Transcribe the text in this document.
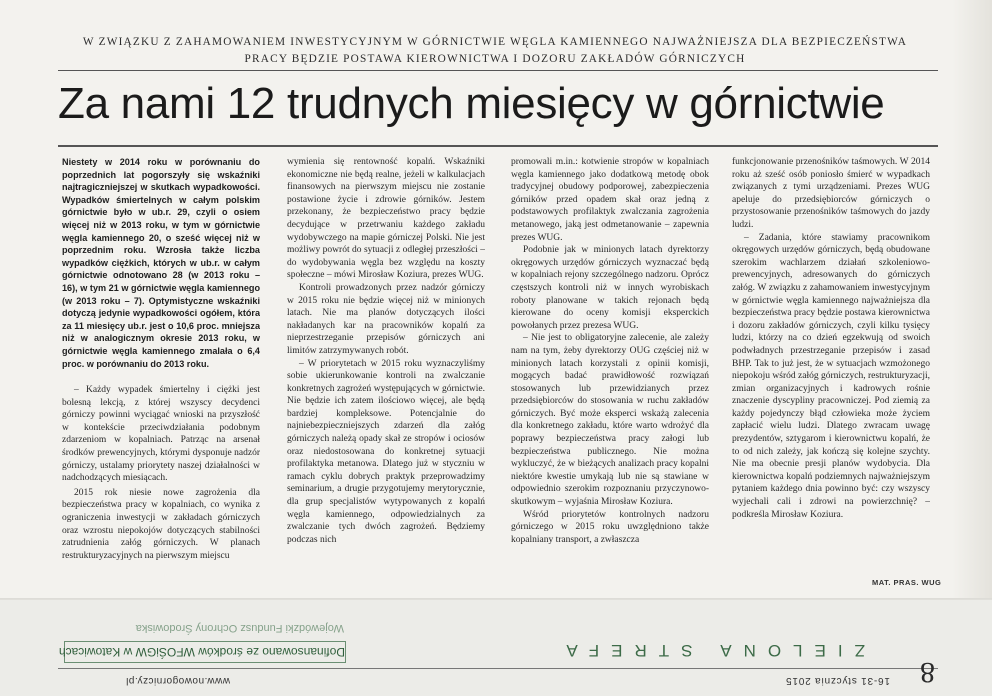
W ZWIĄZKU Z ZAHAMOWANIEM INWESTYCYJNYM W GÓRNICTWIE WĘGLA KAMIENNEGO NAJWAŻNIEJSZA DLA BEZPIECZEŃSTWA PRACY BĘDZIE POSTAWA KIEROWNICTWA I DOZORU ZAKŁADÓW GÓRNICZYCH
Za nami 12 trudnych miesięcy w górnictwie

Niestety w 2014 roku w porównaniu do poprzednich lat pogorszyły się wskaźniki najtragiczniejszej w skutkach wypadkowości. Wypadków śmiertelnych w całym polskim górnictwie było w ub.r. 29, czyli o osiem więcej niż w 2013 roku, w tym w górnictwie węgla kamiennego 20, o sześć więcej niż w poprzednim roku. Wzrosła także liczba wypadków ciężkich, których w ub.r. w całym górnictwie odnotowano 28 (w 2013 roku – 16), w tym 21 w górnictwie węgla kamiennego (w 2013 roku – 7). Optymistyczne wskaźniki dotyczą jedynie wypadkowości ogółem, która za 11 miesięcy ub.r. jest o 10,6 proc. mniejsza niż w analogicznym okresie 2013 roku, w górnictwie węgla kamiennego zmalała o 6,4 proc. w porównaniu do 2013 roku.

– Każdy wypadek śmiertelny i ciężki jest bolesną lekcją, z której wszyscy decydenci górniczy powinni wyciągać wnioski na przyszłość w kontekście przeciwdziałania podobnym zdarzeniom w kopalniach. Patrząc na arsenał środków prewencyjnych, którymi dysponuje nadzór górniczy, ustalamy priorytety naszej działalności w nadchodzących miesiącach.

2015 rok niesie nowe zagrożenia dla bezpieczeństwa pracy w kopalniach, co wynika z ograniczenia inwestycji w zakładach górniczych oraz wzrostu niepokojów dotyczących stabilności zatrudnienia załóg górniczych. W planach restrukturyzacyjnych na pierwszym miejscu

wymienia się rentowność kopalń. Wskaźniki ekonomiczne nie będą realne, jeżeli w kalkulacjach finansowych na pierwszym miejscu nie zostanie postawione życie i zdrowie górników. Jestem przekonany, że bezpieczeństwo pracy będzie decydujące w przetrwaniu każdego zakładu wydobywczego na mapie górniczej Polski. Nie jest możliwy powrót do sytuacji z odległej przeszłości – do wydobywania węgla bez względu na koszty społeczne – mówi Mirosław Koziura, prezes WUG.

Kontroli prowadzonych przez nadzór górniczy w 2015 roku nie będzie więcej niż w minionych latach. Nie ma planów dotyczących ilości nakładanych kar na pracowników kopalń za nieprzestrzeganie przepisów górniczych ani limitów zatrzymywanych robót.

– W priorytetach w 2015 roku wyznaczyliśmy sobie ukierunkowanie kontroli na zwalczanie konkretnych zagrożeń występujących w górnictwie. Nie będzie ich zatem ilościowo więcej, ale będą bardziej kompleksowe. Potencjalnie do najniebezpieczniejszych zdarzeń dla załóg górniczych należą opady skał ze stropów i ociosów oraz niedostosowana do konkretnej sytuacji profilaktyka metanowa. Dlatego już w styczniu w ramach cyklu dobrych praktyk przeprowadzimy seminarium, a drugie przygotujemy merytorycznie, dla grup specjalistów wytypowanych z kopalń węgla kamiennego, odpowiedzialnych za zwalczanie tych dwóch zagrożeń. Będziemy podczas nich

promowali m.in.: kotwienie stropów w kopalniach węgla kamiennego jako dodatkową metodę obok tradycyjnej obudowy podporowej, zabezpieczenia górników przed opadem skał oraz jedną z podstawowych profilaktyk zwalczania zagrożenia metanowego, jaką jest odmetanowanie – zapewnia prezes WUG.

Podobnie jak w minionych latach dyrektorzy okręgowych urzędów górniczych wyznaczać będą w kopalniach rejony szczególnego nadzoru. Oprócz częstszych kontroli niż w innych wyrobiskach roboty planowane w takich rejonach będą kierowane do oceny komisji eksperckich powołanych przez prezesa WUG.

– Nie jest to obligatoryjne zalecenie, ale zależy nam na tym, żeby dyrektorzy OUG częściej niż w minionych latach korzystali z opinii komisji, mogących badać prawidłowość rozwiązań stosowanych lub przewidzianych przez przedsiębiorców do stosowania w ruchu zakładów górniczych. Być może eksperci wskażą zalecenia dla konkretnego zakładu, które warto wdrożyć dla poprawy bezpieczeństwa pracy załogi lub bezpieczeństwa publicznego. Nie można wykluczyć, że w bieżących analizach pracy kopalni niektóre kwestie umykają lub nie są stawiane w odpowiednio szerokim rozpoznaniu przyczynowo-skutkowym – wyjaśnia Mirosław Koziura.

Wśród priorytetów kontrolnych nadzoru górniczego w 2015 roku uwzględniono także kopalniany transport, a zwłaszcza

funkcjonowanie przenośników taśmowych. W 2014 roku aż sześć osób poniosło śmierć w wypadkach związanych z tymi urządzeniami. Prezes WUG apeluje do przedsiębiorców górniczych o przystosowanie przenośników taśmowych do jazdy ludzi.

– Zadania, które stawiamy pracownikom okręgowych urzędów górniczych, będą obudowane szerokim wachlarzem działań szkoleniowo-prewencyjnych, adresowanych do górniczych załóg. W związku z zahamowaniem inwestycyjnym w górnictwie węgla kamiennego najważniejsza dla bezpieczeństwa pracy będzie postawa kierownictwa i dozoru zakładów górniczych, czyli kilku tysięcy ludzi, którzy na co dzień egzekwują od swoich podwładnych przestrzeganie przepisów i zasad BHP. Tak to już jest, że w sytuacjach wzmożonego niepokoju wśród załóg górniczych, restrukturyzacji, zmian organizacyjnych i kadrowych rośnie znaczenie dyscypliny pracowniczej. Pod ziemią za każdy pojedynczy błąd człowieka może życiem zapłacić wielu ludzi. Dlatego zwracam uwagę prezydentów, sztygarom i kierownictwu kopalń, że to od nich zależy, jak kończą się kolejne szychty. Nie ma obecnie presji planów wydobycia. Dla kierownictwa kopalń podziemnych najważniejszym pytaniem każdego dnia powinno być: czy wszyscy wyjechali cali i zdrowi na powierzchnię? – podkreśla Mirosław Koziura.

MAT. PRAS. WUG
Wojewódzki Fundusz Ochrony Środowiska
Dofinansowano ze środków WFOŚiGW w Katowicach	ZIELONA STREFA
www.nowogorniczy.pl	16-31 stycznia 2015 8
